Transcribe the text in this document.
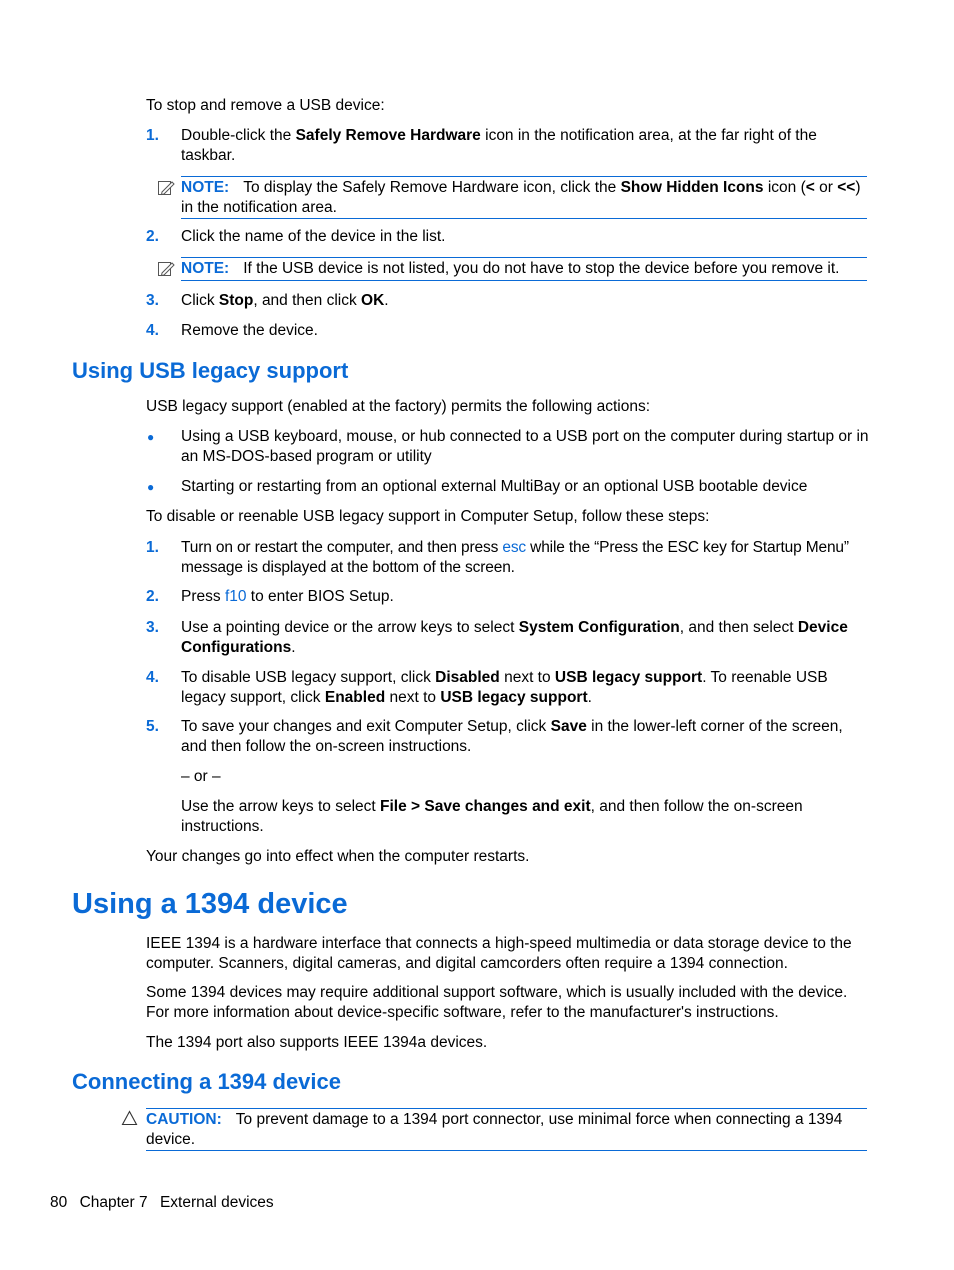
To stop and remove a USB device:
1.	Double-click the Safely Remove Hardware icon in the notification area, at the far right of the taskbar.
NOTE: To display the Safely Remove Hardware icon, click the Show Hidden Icons icon (< or <<) in the notification area.
2.	Click the name of the device in the list.
NOTE: If the USB device is not listed, you do not have to stop the device before you remove it.
3.	Click Stop, and then click OK.
4.	Remove the device.
Using USB legacy support
USB legacy support (enabled at the factory) permits the following actions:
● Using a USB keyboard, mouse, or hub connected to a USB port on the computer during startup or in an MS-DOS-based program or utility
● Starting or restarting from an optional external MultiBay or an optional USB bootable device
To disable or reenable USB legacy support in Computer Setup, follow these steps:
1.	Turn on or restart the computer, and then press esc while the “Press the ESC key for Startup Menu” message is displayed at the bottom of the screen.
2.	Press f10 to enter BIOS Setup.
3.	Use a pointing device or the arrow keys to select System Configuration, and then select Device Configurations.
4.	To disable USB legacy support, click Disabled next to USB legacy support. To reenable USB legacy support, click Enabled next to USB legacy support.
5.	To save your changes and exit Computer Setup, click Save in the lower-left corner of the screen, and then follow the on-screen instructions.
– or –
Use the arrow keys to select File > Save changes and exit, and then follow the on-screen instructions.
Your changes go into effect when the computer restarts.
Using a 1394 device
IEEE 1394 is a hardware interface that connects a high-speed multimedia or data storage device to the computer. Scanners, digital cameras, and digital camcorders often require a 1394 connection.
Some 1394 devices may require additional support software, which is usually included with the device. For more information about device-specific software, refer to the manufacturer's instructions.
The 1394 port also supports IEEE 1394a devices.
Connecting a 1394 device
CAUTION: To prevent damage to a 1394 port connector, use minimal force when connecting a 1394 device.
80 Chapter 7 External devices
